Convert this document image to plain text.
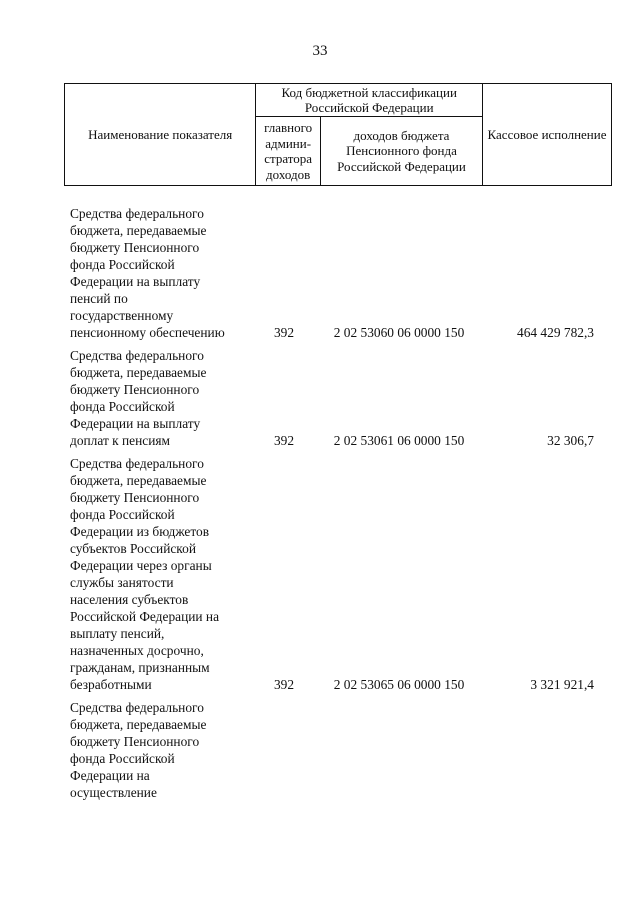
33
Наименование показателя	Код бюджетной классификации Российской Федерации		Кассовое исполнение
	главного админи-стратора доходов	доходов бюджета Пенсионного фонда Российской Федерации	
Средства федерального
бюджета, передаваемые
бюджету Пенсионного
фонда Российской
Федерации на выплату
пенсий по
государственному
пенсионному обеспечению	392	2 02 53060 06 0000 150	464 429 782,3
Средства федерального
бюджета, передаваемые
бюджету Пенсионного
фонда Российской
Федерации на выплату
доплат к пенсиям	392	2 02 53061 06 0000 150	32 306,7
Средства федерального
бюджета, передаваемые
бюджету Пенсионного
фонда Российской
Федерации из бюджетов
субъектов Российской
Федерации через органы
службы занятости
населения субъектов
Российской Федерации на
выплату пенсий,
назначенных досрочно,
гражданам, признанным
безработными	392	2 02 53065 06 0000 150	3 321 921,4
Средства федерального
бюджета, передаваемые
бюджету Пенсионного
фонда Российской
Федерации на
осуществление
